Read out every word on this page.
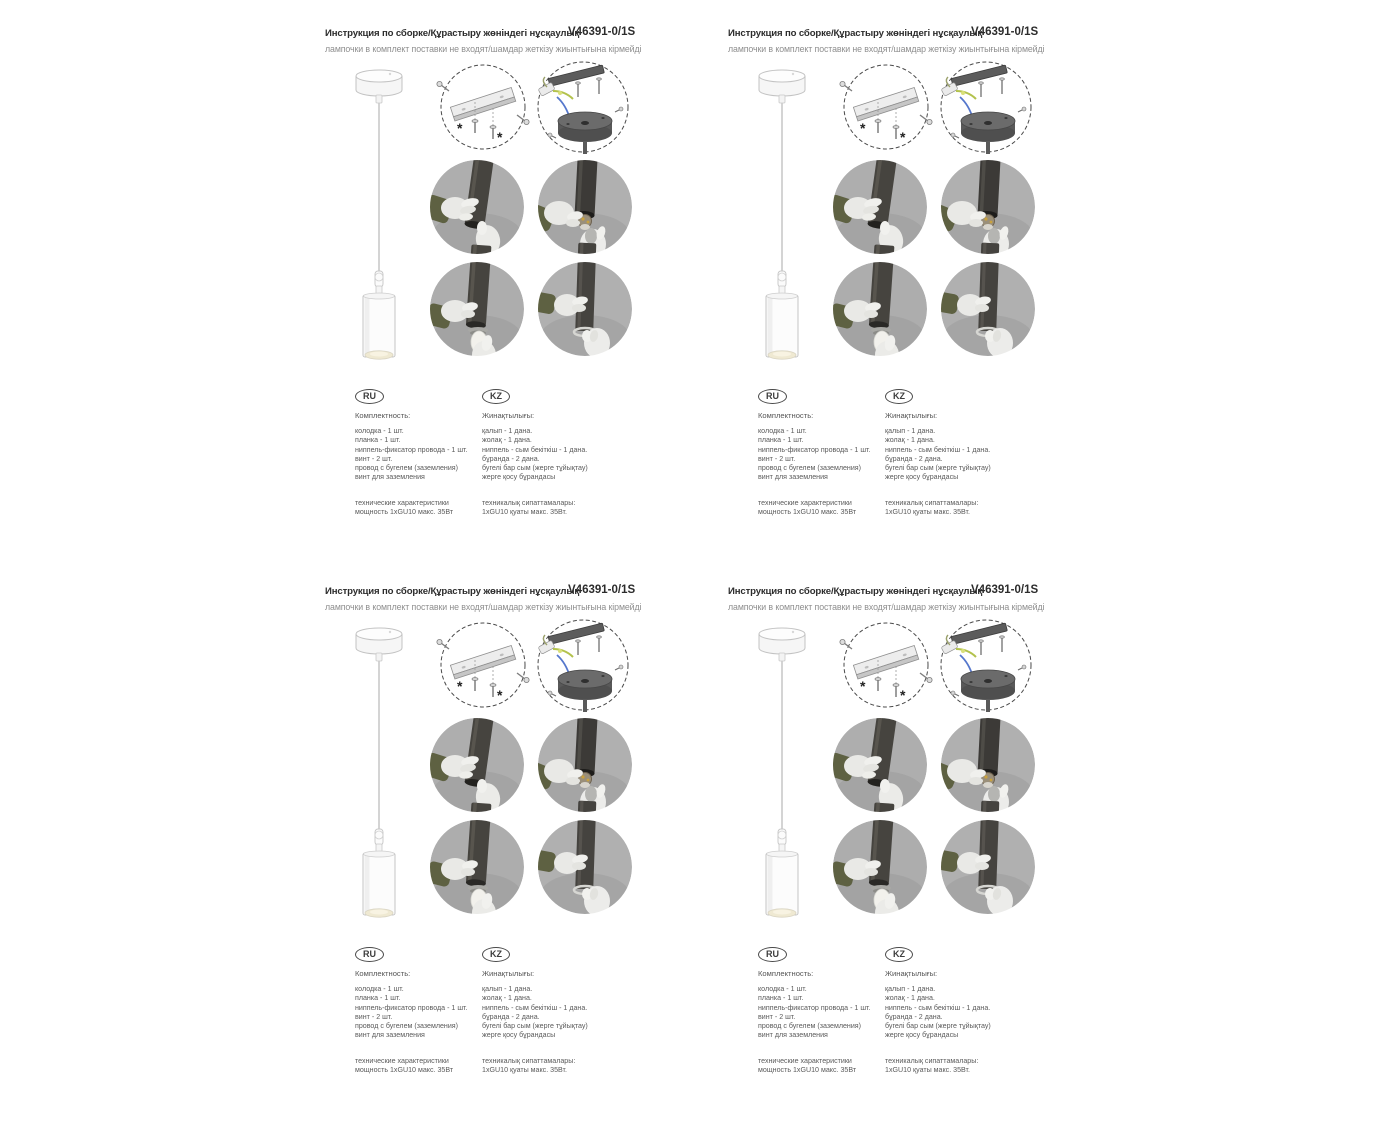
Инструкция по сборке/Құрастыру жөніндегі нұсқаулық
V46391-0/1S
лампочки в комплект поставки не входят/шамдар жеткізу жиынтығына кірмейді
*
*
RU
Комплектность:
колодка - 1 шт.
планка - 1 шт.
ниппель-фиксатор провода - 1 шт.
винт - 2 шт.
провод с бугелем (заземления)
винт для заземления
технические характеристики
мощность 1xGU10 макс. 35Вт
KZ
Жинақтылығы:
қалып - 1 дана.
жолақ - 1 дана.
ниппель - сым бекіткіш - 1 дана.
бұранда - 2 дана.
бугелі бар сым (жерге тұйықтау)
жерге қосу бұрандасы
техникалық сипаттамалары:
1xGU10 қуаты макс. 35Вт.
Инструкция по сборке/Құрастыру жөніндегі нұсқаулық
V46391-0/1S
лампочки в комплект поставки не входят/шамдар жеткізу жиынтығына кірмейді
*
*
RU
Комплектность:
колодка - 1 шт.
планка - 1 шт.
ниппель-фиксатор провода - 1 шт.
винт - 2 шт.
провод с бугелем (заземления)
винт для заземления
технические характеристики
мощность 1xGU10 макс. 35Вт
KZ
Жинақтылығы:
қалып - 1 дана.
жолақ - 1 дана.
ниппель - сым бекіткіш - 1 дана.
бұранда - 2 дана.
бугелі бар сым (жерге тұйықтау)
жерге қосу бұрандасы
техникалық сипаттамалары:
1xGU10 қуаты макс. 35Вт.
Инструкция по сборке/Құрастыру жөніндегі нұсқаулық
V46391-0/1S
лампочки в комплект поставки не входят/шамдар жеткізу жиынтығына кірмейді
*
*
RU
Комплектность:
колодка - 1 шт.
планка - 1 шт.
ниппель-фиксатор провода - 1 шт.
винт - 2 шт.
провод с бугелем (заземления)
винт для заземления
технические характеристики
мощность 1xGU10 макс. 35Вт
KZ
Жинақтылығы:
қалып - 1 дана.
жолақ - 1 дана.
ниппель - сым бекіткіш - 1 дана.
бұранда - 2 дана.
бугелі бар сым (жерге тұйықтау)
жерге қосу бұрандасы
техникалық сипаттамалары:
1xGU10 қуаты макс. 35Вт.
Инструкция по сборке/Құрастыру жөніндегі нұсқаулық
V46391-0/1S
лампочки в комплект поставки не входят/шамдар жеткізу жиынтығына кірмейді
*
*
RU
Комплектность:
колодка - 1 шт.
планка - 1 шт.
ниппель-фиксатор провода - 1 шт.
винт - 2 шт.
провод с бугелем (заземления)
винт для заземления
технические характеристики
мощность 1xGU10 макс. 35Вт
KZ
Жинақтылығы:
қалып - 1 дана.
жолақ - 1 дана.
ниппель - сым бекіткіш - 1 дана.
бұранда - 2 дана.
бугелі бар сым (жерге тұйықтау)
жерге қосу бұрандасы
техникалық сипаттамалары:
1xGU10 қуаты макс. 35Вт.
